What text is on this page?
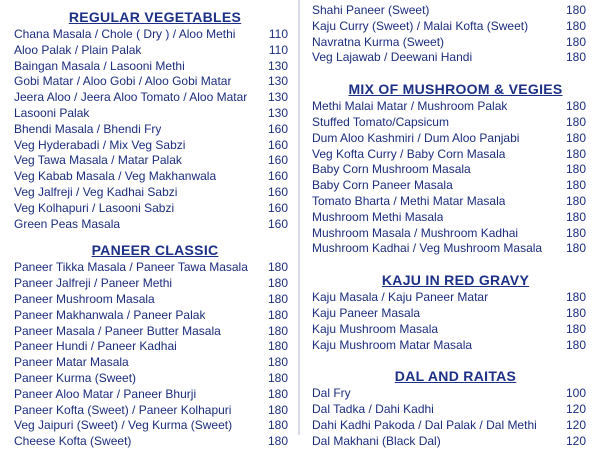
REGULAR VEGETABLES
Chana Masala / Chole ( Dry ) / Aloo Methi	110
Aloo Palak / Plain Palak	110
Baingan Masala / Lasooni Methi	130
Gobi Matar / Aloo Gobi / Aloo Gobi Matar	130
Jeera Aloo / Jeera Aloo Tomato / Aloo Matar	130
Lasooni Palak	130
Bhendi Masala / Bhendi Fry	160
Veg Hyderabadi / Mix Veg Sabzi	160
Veg Tawa Masala / Matar Palak	160
Veg Kabab Masala / Veg Makhanwala	160
Veg Jalfreji / Veg Kadhai Sabzi	160
Veg Kolhapuri / Lasooni Sabzi	160
Green Peas Masala	160
PANEER CLASSIC
Paneer Tikka Masala / Paneer Tawa Masala	180
Paneer Jalfreji / Paneer Methi	180
Paneer Mushroom Masala	180
Paneer Makhanwala / Paneer Palak	180
Paneer Masala / Paneer Butter Masala	180
Paneer Hundi / Paneer Kadhai	180
Paneer Matar Masala	180
Paneer Kurma (Sweet)	180
Paneer Aloo Matar / Paneer Bhurji	180
Paneer Kofta (Sweet) / Paneer Kolhapuri	180
Veg Jaipuri (Sweet) / Veg Kurma (Sweet)	180
Cheese Kofta (Sweet)	180
Shahi Paneer (Sweet)	180
Kaju Curry (Sweet) / Malai Kofta (Sweet)	180
Navratna Kurma (Sweet)	180
Veg Lajawab / Deewani Handi	180
MIX OF MUSHROOM & VEGIES
Methi Malai Matar / Mushroom Palak	180
Stuffed Tomato/Capsicum	180
Dum Aloo Kashmiri / Dum Aloo Panjabi	180
Veg Kofta Curry / Baby Corn Masala	180
Baby Corn Mushroom Masala	180
Baby Corn Paneer Masala	180
Tomato Bharta / Methi Matar Masala	180
Mushroom Methi Masala	180
Mushroom Masala / Mushroom Kadhai	180
Mushroom Kadhai / Veg Mushroom Masala	180
KAJU IN RED GRAVY
Kaju Masala / Kaju Paneer Matar	180
Kaju Paneer Masala	180
Kaju Mushroom Masala	180
Kaju Mushroom Matar Masala	180
DAL AND RAITAS
Dal Fry	100
Dal Tadka / Dahi Kadhi	120
Dahi Kadhi Pakoda / Dal Palak / Dal Methi	120
Dal Makhani (Black Dal)	120
